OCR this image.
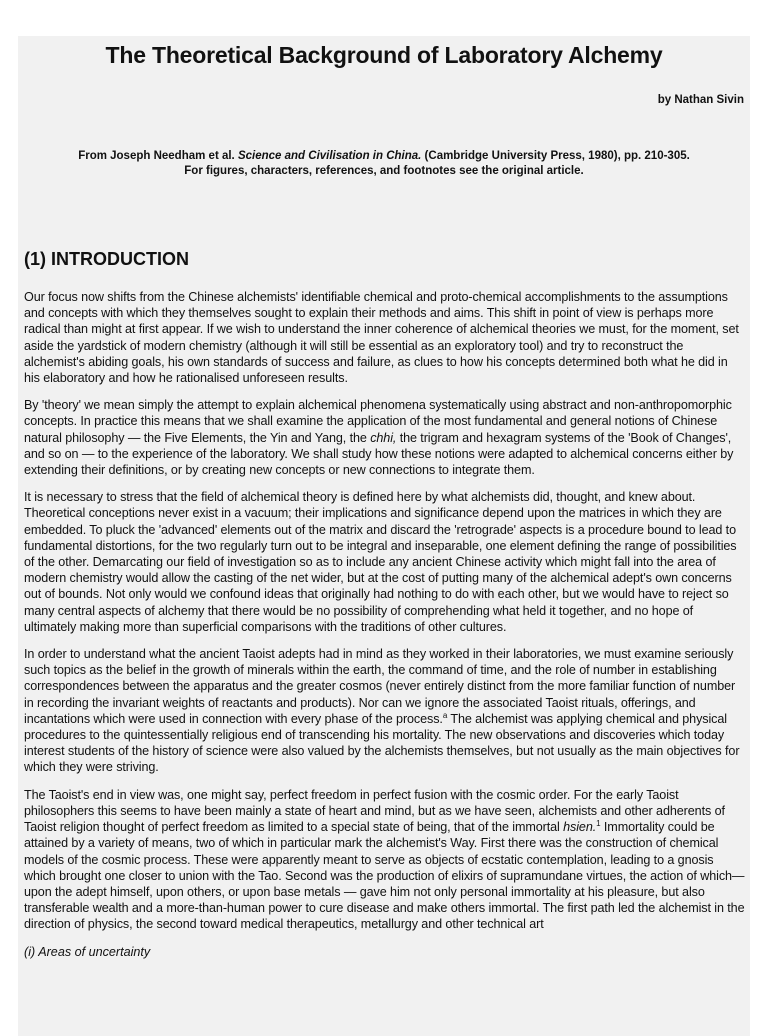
The Theoretical Background of Laboratory Alchemy

by Nathan Sivin

From Joseph Needham et al. Science and Civilisation in China. (Cambridge University Press, 1980), pp. 210-305.
For figures, characters, references, and footnotes see the original article.
(1) INTRODUCTION

Our focus now shifts from the Chinese alchemists' identifiable chemical and proto-chemical accomplishments to the assumptions and concepts with which they themselves sought to explain their methods and aims. This shift in point of view is perhaps more radical than might at first appear. If we wish to understand the inner coherence of alchemical theories we must, for the moment, set aside the yardstick of modern chemistry (although it will still be essential as an exploratory tool) and try to reconstruct the alchemist's abiding goals, his own standards of success and failure, as clues to how his concepts determined both what he did in his elaboratory and how he rationalised unforeseen results.

By 'theory' we mean simply the attempt to explain alchemical phenomena systematically using abstract and non-anthropomorphic concepts. In practice this means that we shall examine the application of the most fundamental and general notions of Chinese natural philosophy — the Five Elements, the Yin and Yang, the chhi, the trigram and hexagram systems of the 'Book of Changes', and so on — to the experience of the laboratory. We shall study how these notions were adapted to alchemical concerns either by extending their definitions, or by creating new concepts or new connections to integrate them.

It is necessary to stress that the field of alchemical theory is defined here by what alchemists did, thought, and knew about. Theoretical conceptions never exist in a vacuum; their implications and significance depend upon the matrices in which they are embedded. To pluck the 'advanced' elements out of the matrix and discard the 'retrograde' aspects is a procedure bound to lead to fundamental distortions, for the two regularly turn out to be integral and inseparable, one element defining the range of possibilities of the other. Demarcating our field of investigation so as to include any ancient Chinese activity which might fall into the area of modern chemistry would allow the casting of the net wider, but at the cost of putting many of the alchemical adept's own concerns out of bounds. Not only would we confound ideas that originally had nothing to do with each other, but we would have to reject so many central aspects of alchemy that there would be no possibility of comprehending what held it together, and no hope of ultimately making more than superficial comparisons with the traditions of other cultures.

In order to understand what the ancient Taoist adepts had in mind as they worked in their laboratories, we must examine seriously such topics as the belief in the growth of minerals within the earth, the command of time, and the role of number in establishing correspondences between the apparatus and the greater cosmos (never entirely distinct from the more familiar function of number in recording the invariant weights of reactants and products). Nor can we ignore the associated Taoist rituals, offerings, and incantations which were used in connection with every phase of the process.$^a$ The alchemist was applying chemical and physical procedures to the quintessentially religious end of transcending his mortality. The new observations and discoveries which today interest students of the history of science were also valued by the alchemists themselves, but not usually as the main objectives for which they were striving.

The Taoist's end in view was, one might say, perfect freedom in perfect fusion with the cosmic order. For the early Taoist philosophers this seems to have been mainly a state of heart and mind, but as we have seen, alchemists and other adherents of Taoist religion thought of perfect freedom as limited to a special state of being, that of the immortal hsien.$^1$ Immortality could be attained by a variety of means, two of which in particular mark the alchemist's Way. First there was the construction of chemical models of the cosmic process. These were apparently meant to serve as objects of ecstatic contemplation, leading to a gnosis which brought one closer to union with the Tao. Second was the production of elixirs of supramundane virtues, the action of which—upon the adept himself, upon others, or upon base metals — gave him not only personal immortality at his pleasure, but also transferable wealth and a more-than-human power to cure disease and make others immortal. The first path led the alchemist in the direction of physics, the second toward medical therapeutics, metallurgy and other technical art

(i) Areas of uncertainty
